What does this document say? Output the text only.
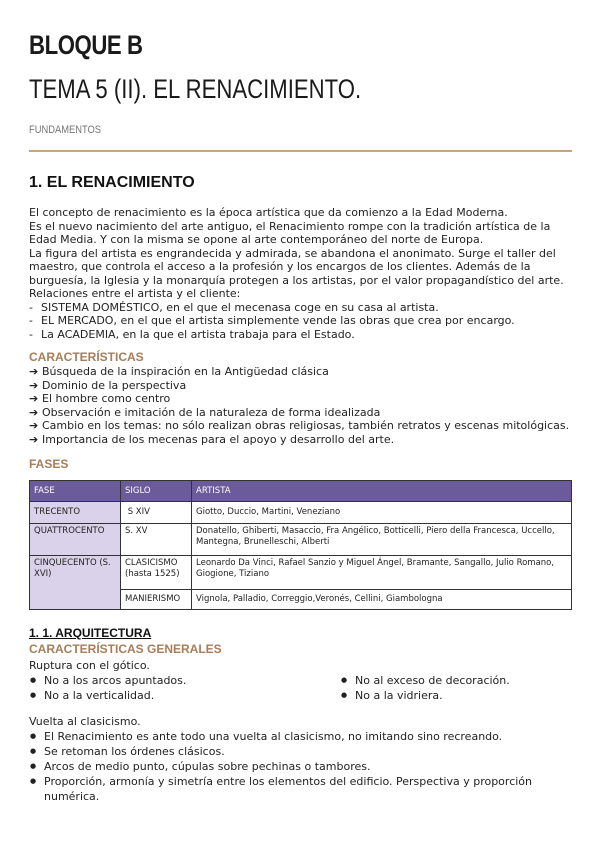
BLOQUE B
TEMA 5 (II). EL RENACIMIENTO.
FUNDAMENTOS
1. EL RENACIMIENTO

El concepto de renacimiento es la época artística que da comienzo a la Edad Moderna.

Es el nuevo nacimiento del arte antiguo, el Renacimiento rompe con la tradición artística de la Edad Media. Y con la misma se opone al arte contemporáneo del norte de Europa.

La figura del artista es engrandecida y admirada, se abandona el anonimato. Surge el taller del maestro, que controla el acceso a la profesión y los encargos de los clientes. Además de la burguesía, la Iglesia y la monarquía protegen a los artistas, por el valor propagandístico del arte.

Relaciones entre el artista y el cliente:

- SISTEMA DOMÉSTICO, en el que el mecenasa coge en su casa al artista.
- EL MERCADO, en el que el artista simplemente vende las obras que crea por encargo.
- La ACADEMIA, en la que el artista trabaja para el Estado.
CARACTERÍSTICAS
➔ Búsqueda de la inspiración en la Antigüedad clásica
➔ Dominio de la perspectiva
➔ El hombre como centro
➔ Observación e imitación de la naturaleza de forma idealizada
➔ Cambio en los temas: no sólo realizan obras religiosas, también retratos y escenas mitológicas.
➔ Importancia de los mecenas para el apoyo y desarrollo del arte.
FASES
FASE	SIGLO	ARTISTA
TRECENTO	S XIV	Giotto, Duccio, Martini, Veneziano
QUATTROCENTO	S. XV	Donatello, Ghiberti, Masaccio, Fra Angélico, Botticelli, Piero della Francesca, Uccello, Mantegna, Brunelleschi, Alberti
CINQUECENTO (S. XVI)	CLASICISMO (hasta 1525)	Leonardo Da Vinci, Rafael Sanzio y Miguel Ángel, Bramante, Sangallo, Julio Romano, Giogione, Tiziano
	MANIERISMO	Vignola, Palladio, Correggio,Veronés, Cellini, Giambologna
1. 1. ARQUITECTURA
CARACTERÍSTICAS GENERALES
Ruptura con el gótico.
● No a los arcos apuntados.
● No a la verticalidad.
● No al exceso de decoración.
● No a la vidriera.
Vuelta al clasicismo.
● El Renacimiento es ante todo una vuelta al clasicismo, no imitando sino recreando.
● Se retoman los órdenes clásicos.
● Arcos de medio punto, cúpulas sobre pechinas o tambores.
● Proporción, armonía y simetría entre los elementos del edificio. Perspectiva y proporción numérica.
